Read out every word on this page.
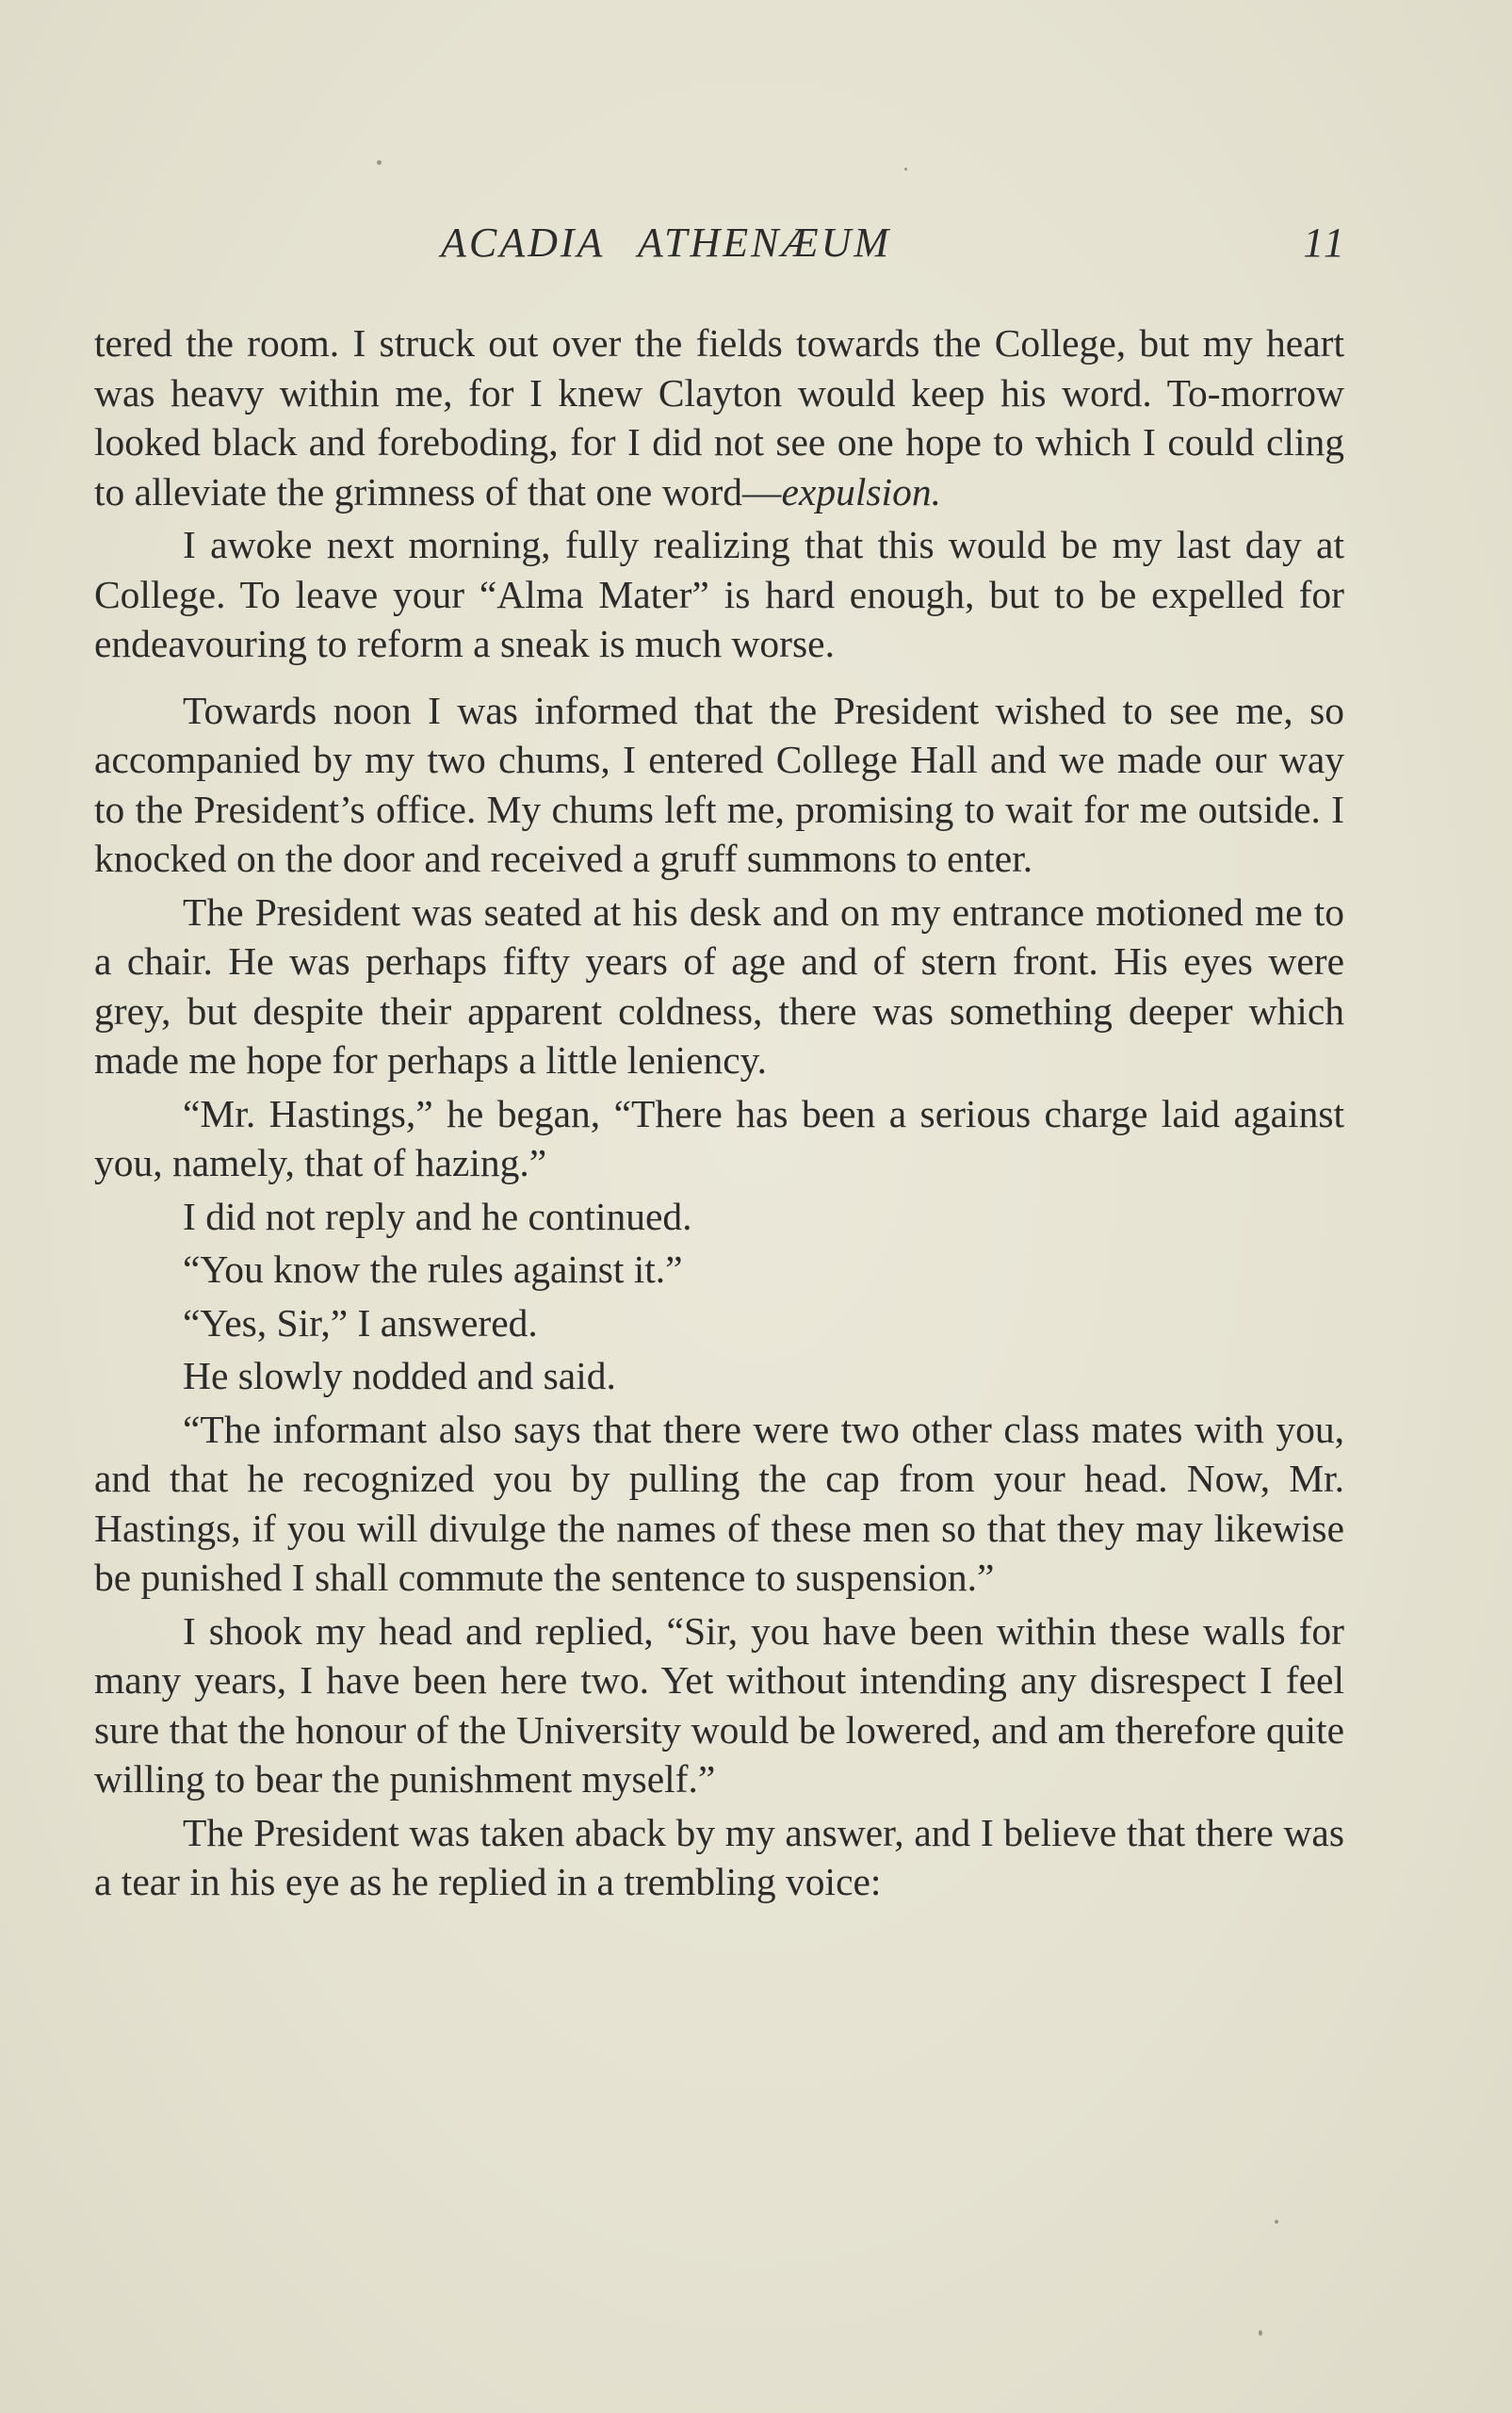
ACADIA ATHENÆUM	11

tered the room. I struck out over the fields towards the College, but my heart was heavy within me, for I knew Clayton would keep his word. To-morrow looked black and foreboding, for I did not see one hope to which I could cling to alleviate the grimness of that one word—expulsion.

I awoke next morning, fully realizing that this would be my last day at College. To leave your “Alma Mater” is hard enough, but to be expelled for endeavouring to reform a sneak is much worse.

Towards noon I was informed that the President wished to see me, so accompanied by my two chums, I entered College Hall and we made our way to the President’s office. My chums left me, promising to wait for me outside. I knocked on the door and received a gruff summons to enter.

The President was seated at his desk and on my entrance motioned me to a chair. He was perhaps fifty years of age and of stern front. His eyes were grey, but despite their apparent coldness, there was something deeper which made me hope for perhaps a little leniency.

“Mr. Hastings,” he began, “There has been a serious charge laid against you, namely, that of hazing.”

I did not reply and he continued.

“You know the rules against it.”

“Yes, Sir,” I answered.

He slowly nodded and said.

“The informant also says that there were two other class mates with you, and that he recognized you by pulling the cap from your head. Now, Mr. Hastings, if you will divulge the names of these men so that they may likewise be punished I shall commute the sentence to suspension.”

I shook my head and replied, “Sir, you have been within these walls for many years, I have been here two. Yet without intending any disrespect I feel sure that the honour of the University would be lowered, and am therefore quite willing to bear the punishment myself.”

The President was taken aback by my answer, and I believe that there was a tear in his eye as he replied in a trembling voice:
